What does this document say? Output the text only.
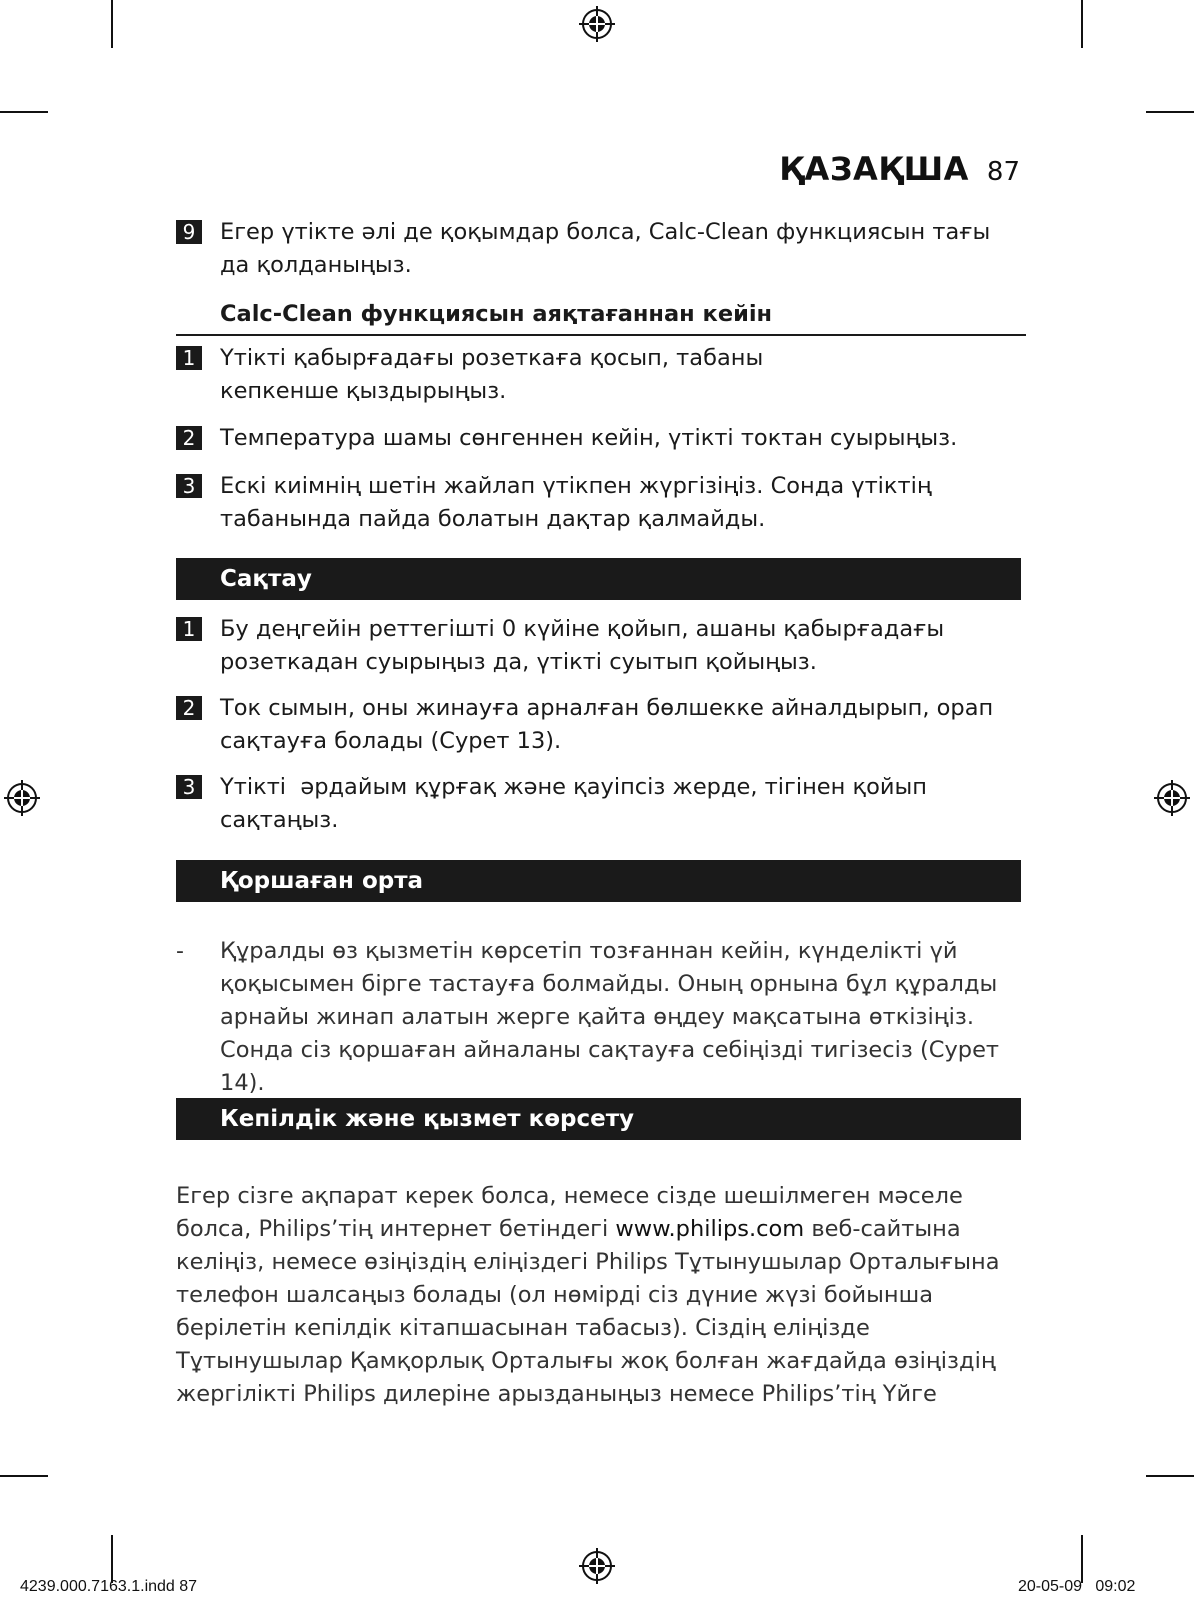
ҚАЗАҚША 87
9 Егер үтікте әлі де қоқымдар болса, Calc-Clean функциясын тағы да қолданыңыз.
Calc-Clean функциясын аяқтағаннан кейін
1 Үтікті қабырғадағы розеткаға қосып, табаны кепкенше қыздырыңыз.
2 Температура шамы сөнгеннен кейін, үтікті токтан суырыңыз.
3 Ескі киімнің шетін жайлап үтікпен жүргізіңіз. Сонда үтіктің табанында пайда болатын дақтар қалмайды.
Сақтау
1 Бу деңгейін реттегішті 0 күйіне қойып, ашаны қабырғадағы розеткадан суырыңыз да, үтікті суытып қойыңыз.
2 Ток сымын, оны жинауға арналған бөлшекке айналдырып, орап сақтауға болады (Сурет 13).
3 Үтікті  әрдайым құрғақ және қауіпсіз жерде, тігінен қойып сақтаңыз.
Қоршаған орта
- Құралды өз қызметін көрсетіп тозғаннан кейін, күнделікті үй қоқысымен бірге тастауға болмайды. Оның орнына бұл құралды арнайы жинап алатын жерге қайта өңдеу мақсатына өткізіңіз. Сонда сіз қоршаған айналаны сақтауға себіңізді тигізесіз (Сурет 14).
Кепілдік және қызмет көрсету
Егер сізге ақпарат керек болса, немесе сізде шешілмеген мәселе болса, Philips’тің интернет бетіндегі www.philips.com веб-сайтына келіңіз, немесе өзіңіздің еліңіздегі Philips Тұтынушылар Орталығына телефон шалсаңыз болады (ол нөмірді сіз дүние жүзі бойынша берілетін кепілдік кітапшасынан табасыз). Сіздің еліңізде Тұтынушылар Қамқорлық Орталығы жоқ болған жағдайда өзіңіздің жергілікті Philips дилеріне арызданыңыз немесе Philips’тің Үйге
4239.000.7163.1.indd 87	20-05-09   09:02
